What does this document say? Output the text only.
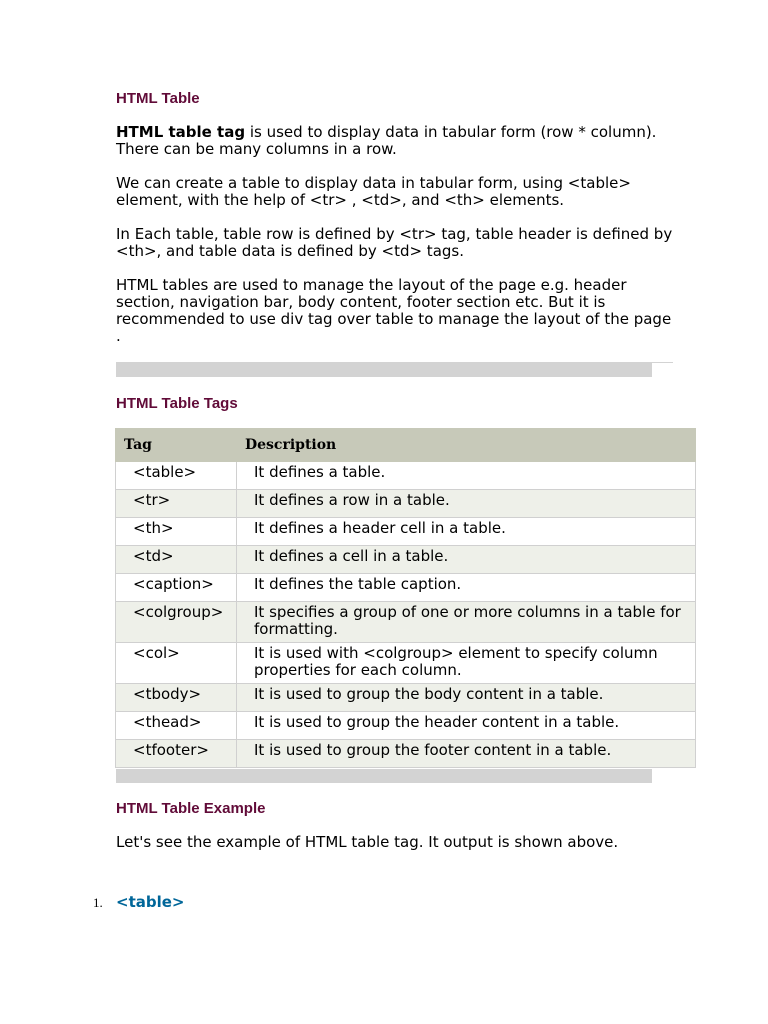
HTML Table

HTML table tag is used to display data in tabular form (row * column). There can be many columns in a row.

We can create a table to display data in tabular form, using <table> element, with the help of <tr> , <td>, and <th> elements.

In Each table, table row is defined by <tr> tag, table header is defined by <th>, and table data is defined by <td> tags.

HTML tables are used to manage the layout of the page e.g. header section, navigation bar, body content, footer section etc. But it is recommended to use div tag over table to manage the layout of the page .

HTML Table Tags
Tag	Description
<table>	It defines a table.
<tr>	It defines a row in a table.
<th>	It defines a header cell in a table.
<td>	It defines a cell in a table.
<caption>	It defines the table caption.
<colgroup>	It specifies a group of one or more columns in a table for formatting.
<col>	It is used with <colgroup> element to specify column properties for each column.
<tbody>	It is used to group the body content in a table.
<thead>	It is used to group the header content in a table.
<tfooter>	It is used to group the footer content in a table.
HTML Table Example

Let's see the example of HTML table tag. It output is shown above.

1. <table>
